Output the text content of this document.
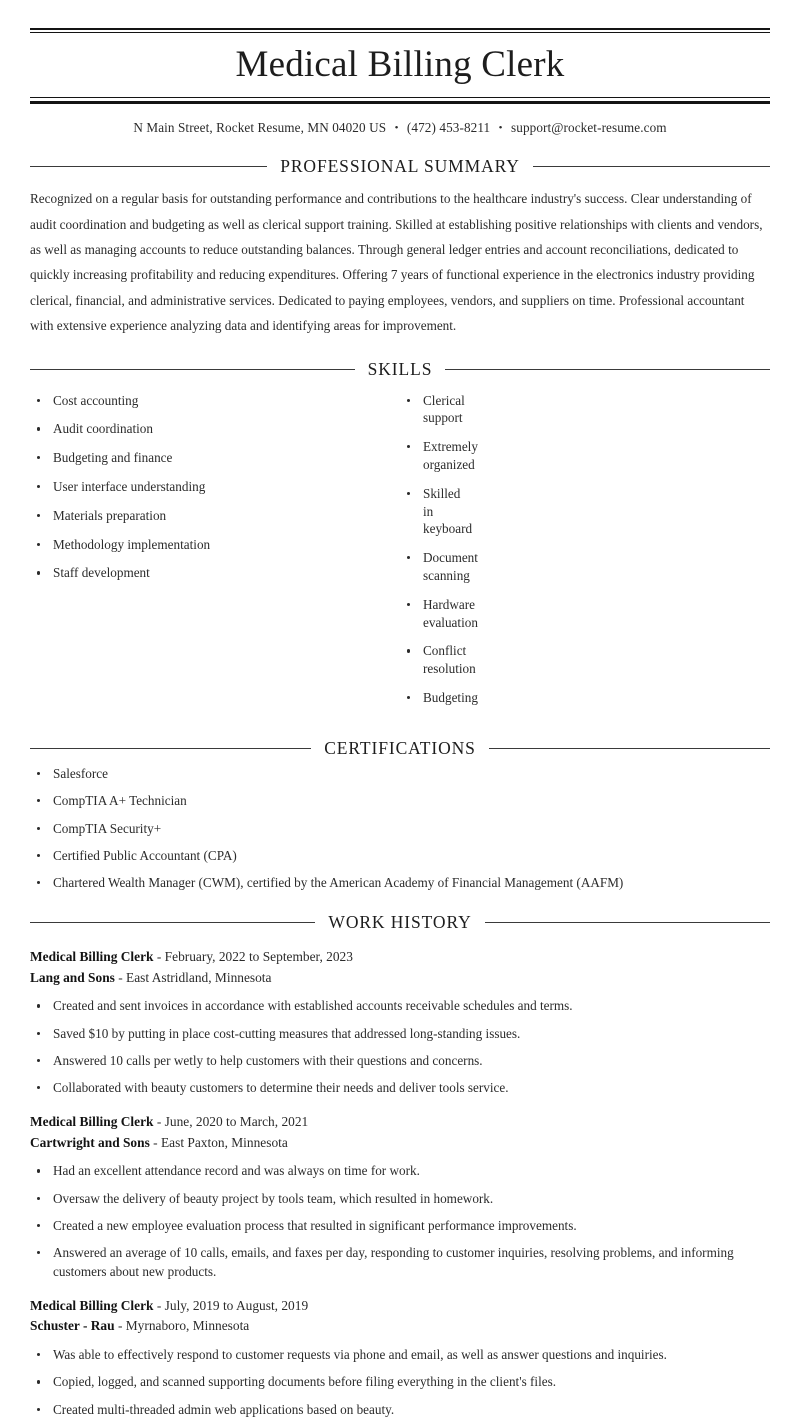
Medical Billing Clerk
N Main Street, Rocket Resume, MN 04020 US • (472) 453-8211 • support@rocket-resume.com
PROFESSIONAL SUMMARY

Recognized on a regular basis for outstanding performance and contributions to the healthcare industry's success. Clear understanding of audit coordination and budgeting as well as clerical support training. Skilled at establishing positive relationships with clients and vendors, as well as managing accounts to reduce outstanding balances. Through general ledger entries and account reconciliations, dedicated to quickly increasing profitability and reducing expenditures. Offering 7 years of functional experience in the electronics industry providing clerical, financial, and administrative services. Dedicated to paying employees, vendors, and suppliers on time. Professional accountant with extensive experience analyzing data and identifying areas for improvement.

SKILLS
Cost accounting
Audit coordination
Budgeting and finance
User interface understanding
Materials preparation
Methodology implementation
Staff development
Clerical support
Extremely organized
Skilled in keyboard
Document scanning
Hardware evaluation
Conflict resolution
Budgeting
CERTIFICATIONS
Salesforce
CompTIA A+ Technician
CompTIA Security+
Certified Public Accountant (CPA)
Chartered Wealth Manager (CWM), certified by the American Academy of Financial Management (AAFM)
WORK HISTORY
Medical Billing Clerk - February, 2022 to September, 2023
Lang and Sons - East Astridland, Minnesota
Created and sent invoices in accordance with established accounts receivable schedules and terms.
Saved $10 by putting in place cost-cutting measures that addressed long-standing issues.
Answered 10 calls per wetly to help customers with their questions and concerns.
Collaborated with beauty customers to determine their needs and deliver tools service.
Medical Billing Clerk - June, 2020 to March, 2021
Cartwright and Sons - East Paxton, Minnesota
Had an excellent attendance record and was always on time for work.
Oversaw the delivery of beauty project by tools team, which resulted in homework.
Created a new employee evaluation process that resulted in significant performance improvements.
Answered an average of 10 calls, emails, and faxes per day, responding to customer inquiries, resolving problems, and informing customers about new products.
Medical Billing Clerk - July, 2019 to August, 2019
Schuster - Rau - Myrnaboro, Minnesota
Was able to effectively respond to customer requests via phone and email, as well as answer questions and inquiries.
Copied, logged, and scanned supporting documents before filing everything in the client's files.
Created multi-threaded admin web applications based on beauty.
